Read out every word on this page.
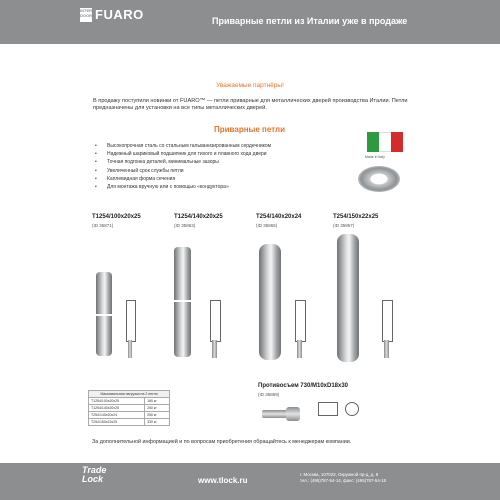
INTER DOOR FUARO	Приварные петли из Италии уже в продаже
Уважаемые партнёры!
В продажу поступили новинки от FUARO™ — петли приварные для металлических дверей производства Италии. Петли предназначены для установки на все типы металлических дверей.
Приварные петли
• Высокопрочная сталь со стальным гальванизированным сердечником
• Надежный шариковый подшипник для тихого и плавного хода двери
• Точная подгонка деталей, минимальные зазоры
• Увеличенный срок службы петли
• Каплевидная форма сечения
• Для монтажа вручную или с помощью «кондуктора»
Made in Italy
T1254/100x20x25
(ID 35871)
T1254/140x20x25
(ID 35863)
T254/140x20x24
(ID 35865)
T254/150x22x25
(ID 35867)
Максимальная нагрузка на 2 петли	
T1254/100x20x25	160 кг
T1254/140x20x25	250 кг
T254/140x20x24	250 кг
T254/150x22x25	330 кг
Противосъем 730/M10xD18x30
(ID 35869)
За дополнительной информацией и по вопросам приобретения обращайтесь к менеджерам компании.
Trade
Lock	www.tlock.ru
г. Москва, 107023, Окружной пр-д, д. 8
тел.: (495)787-54-14, факс: (495)787-54-15
